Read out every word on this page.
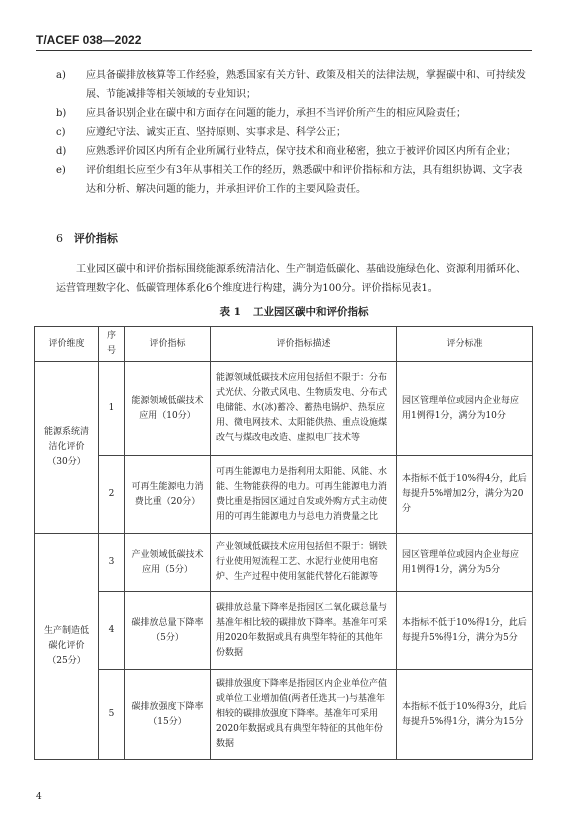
T/ACEF 038—2022
a) 应具备碳排放核算等工作经验，熟悉国家有关方针、政策及相关的法律法规，掌握碳中和、可持续发展、节能减排等相关领域的专业知识；
b) 应具备识别企业在碳中和方面存在问题的能力，承担不当评价所产生的相应风险责任；
c) 应遵纪守法、诚实正直、坚持原则、实事求是、科学公正；
d) 应熟悉评价园区内所有企业所属行业特点，保守技术和商业秘密，独立于被评价园区内所有企业；
e) 评价组组长应至少有3年从事相关工作的经历，熟悉碳中和评价指标和方法，具有组织协调、文字表达和分析、解决问题的能力，并承担评价工作的主要风险责任。
6 评价指标
工业园区碳中和评价指标围绕能源系统清洁化、生产制造低碳化、基础设施绿色化、资源利用循环化、运营管理数字化、低碳管理体系化6个维度进行构建，满分为100分。评价指标见表1。
表 1 工业园区碳中和评价指标
评价维度	序号	评价指标	评价指标描述	评分标准
能源系统清洁化评价（30分）	1	能源领域低碳技术应用（10分）	能源领域低碳技术应用包括但不限于：分布式光伏、分散式风电、生物质发电、分布式电储能、水(冰)蓄冷、蓄热电锅炉、热泵应用、微电网技术、太阳能供热、重点设施煤改气与煤改电改造、虚拟电厂技术等	园区管理单位或园内企业每应用1例得1分，满分为10分
	2	可再生能源电力消费比重（20分）	可再生能源电力是指利用太阳能、风能、水能、生物能获得的电力。可再生能源电力消费比重是指园区通过自发或外购方式主动使用的可再生能源电力与总电力消费量之比	本指标不低于10%得4分，此后每提升5%增加2分，满分为20分
生产制造低碳化评价（25分）	3	产业领域低碳技术应用（5分）	产业领域低碳技术应用包括但不限于：钢铁行业使用短流程工艺、水泥行业使用电窑炉、生产过程中使用氢能代替化石能源等	园区管理单位或园内企业每应用1例得1分，满分为5分
	4	碳排放总量下降率（5分）	碳排放总量下降率是指园区二氧化碳总量与基准年相比较的碳排放下降率。基准年可采用2020年数据或具有典型年特征的其他年份数据	本指标不低于10%得1分，此后每提升5%得1分，满分为5分
	5	碳排放强度下降率（15分）	碳排放强度下降率是指园区内企业单位产值或单位工业增加值(两者任选其一)与基准年相较的碳排放强度下降率。基准年可采用2020年数据或具有典型年特征的其他年份数据	本指标不低于10%得3分，此后每提升5%得1分，满分为15分
4
